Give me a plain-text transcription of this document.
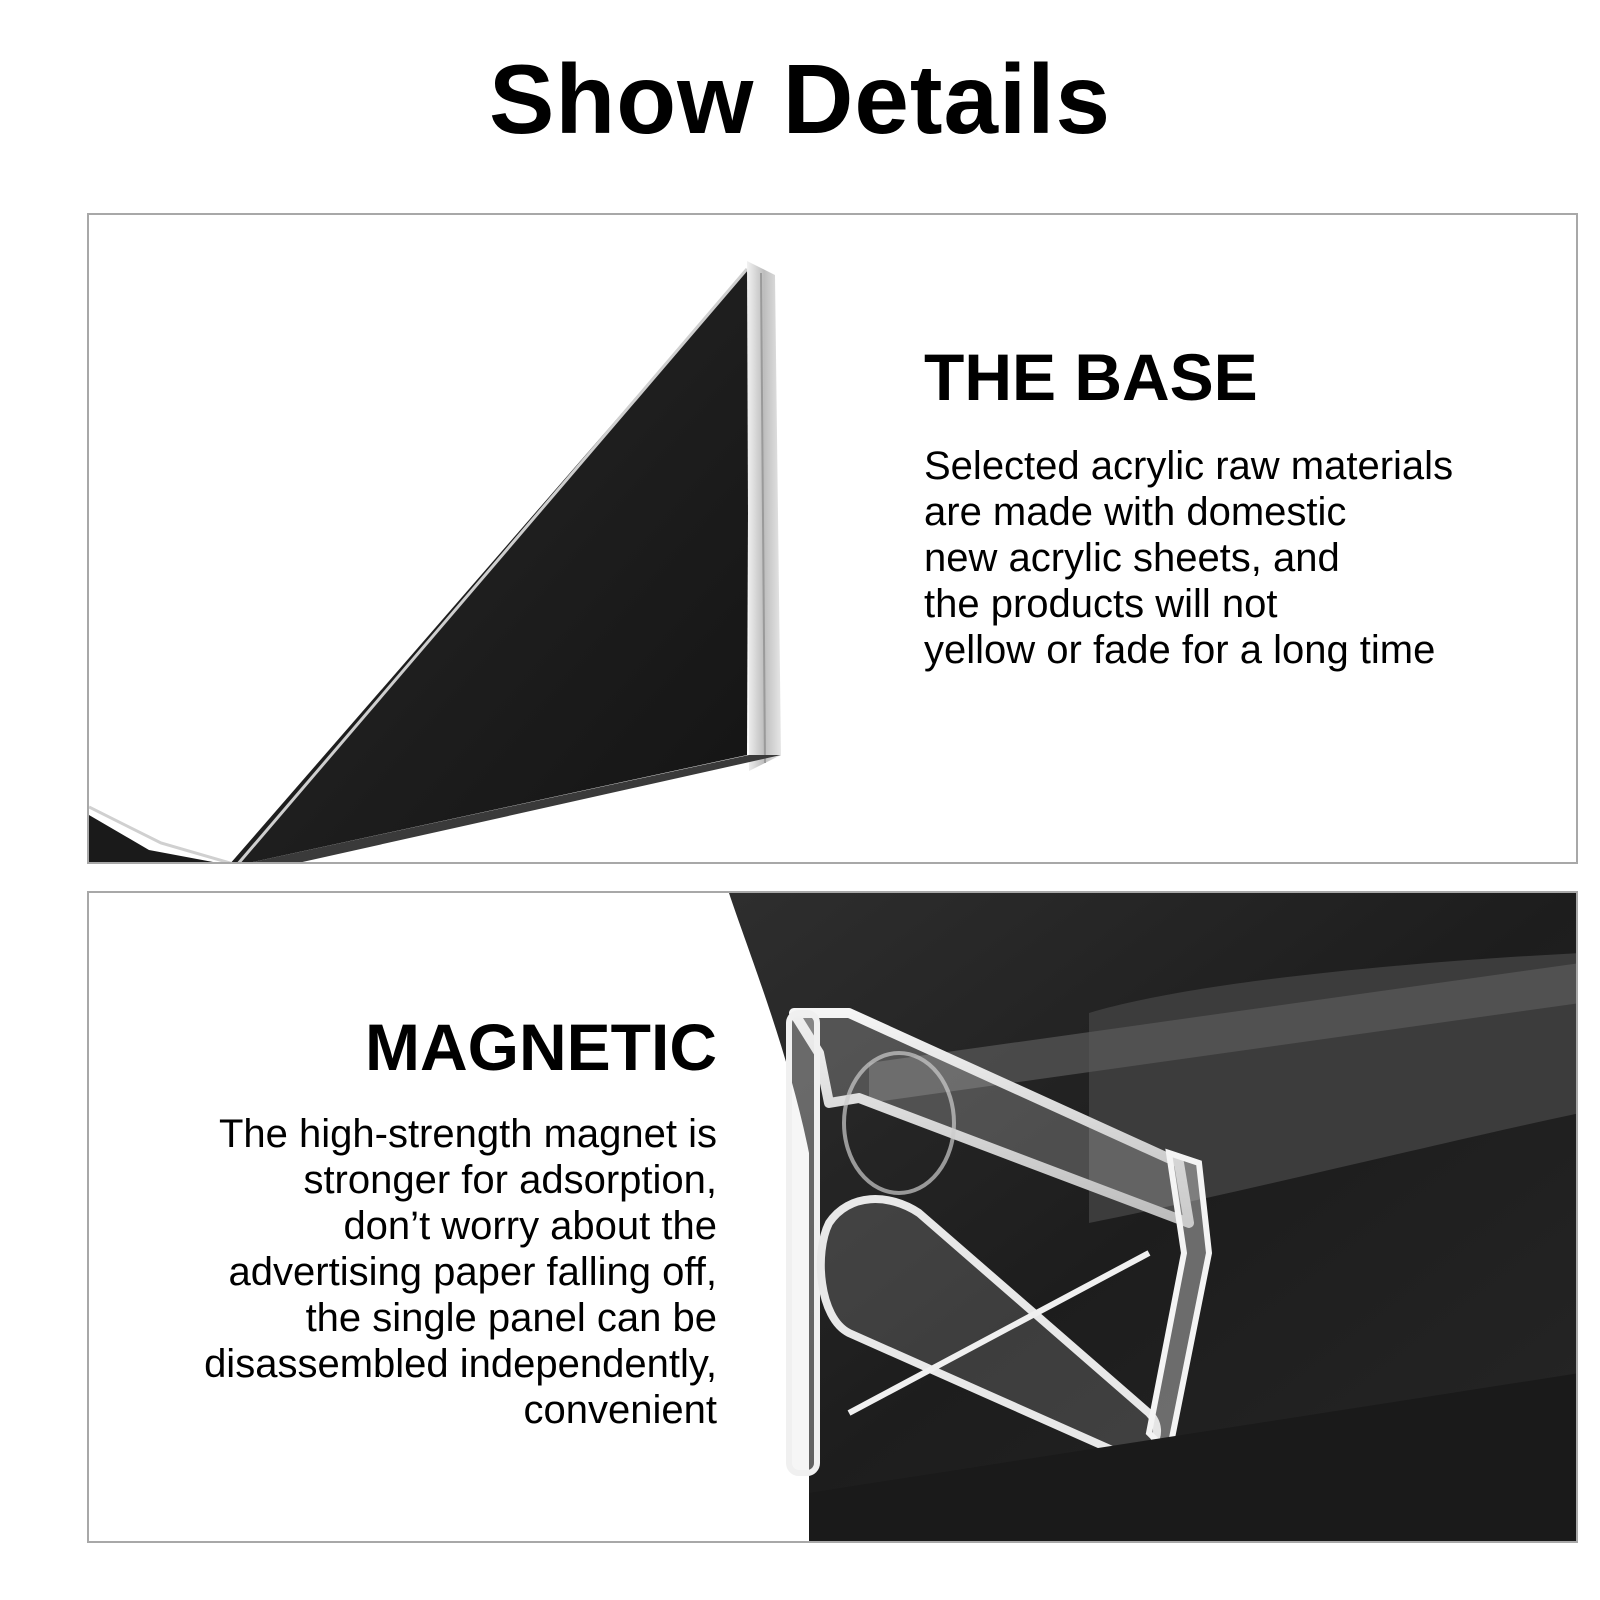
Show Details
THE BASE

Selected acrylic raw materials
are made with domestic
new acrylic sheets, and
the products will not
yellow or fade for a long time

MAGNETIC

The high-strength magnet is
stronger for adsorption,
don’t worry about the
advertising paper falling off,
the single panel can be
disassembled independently,
convenient
